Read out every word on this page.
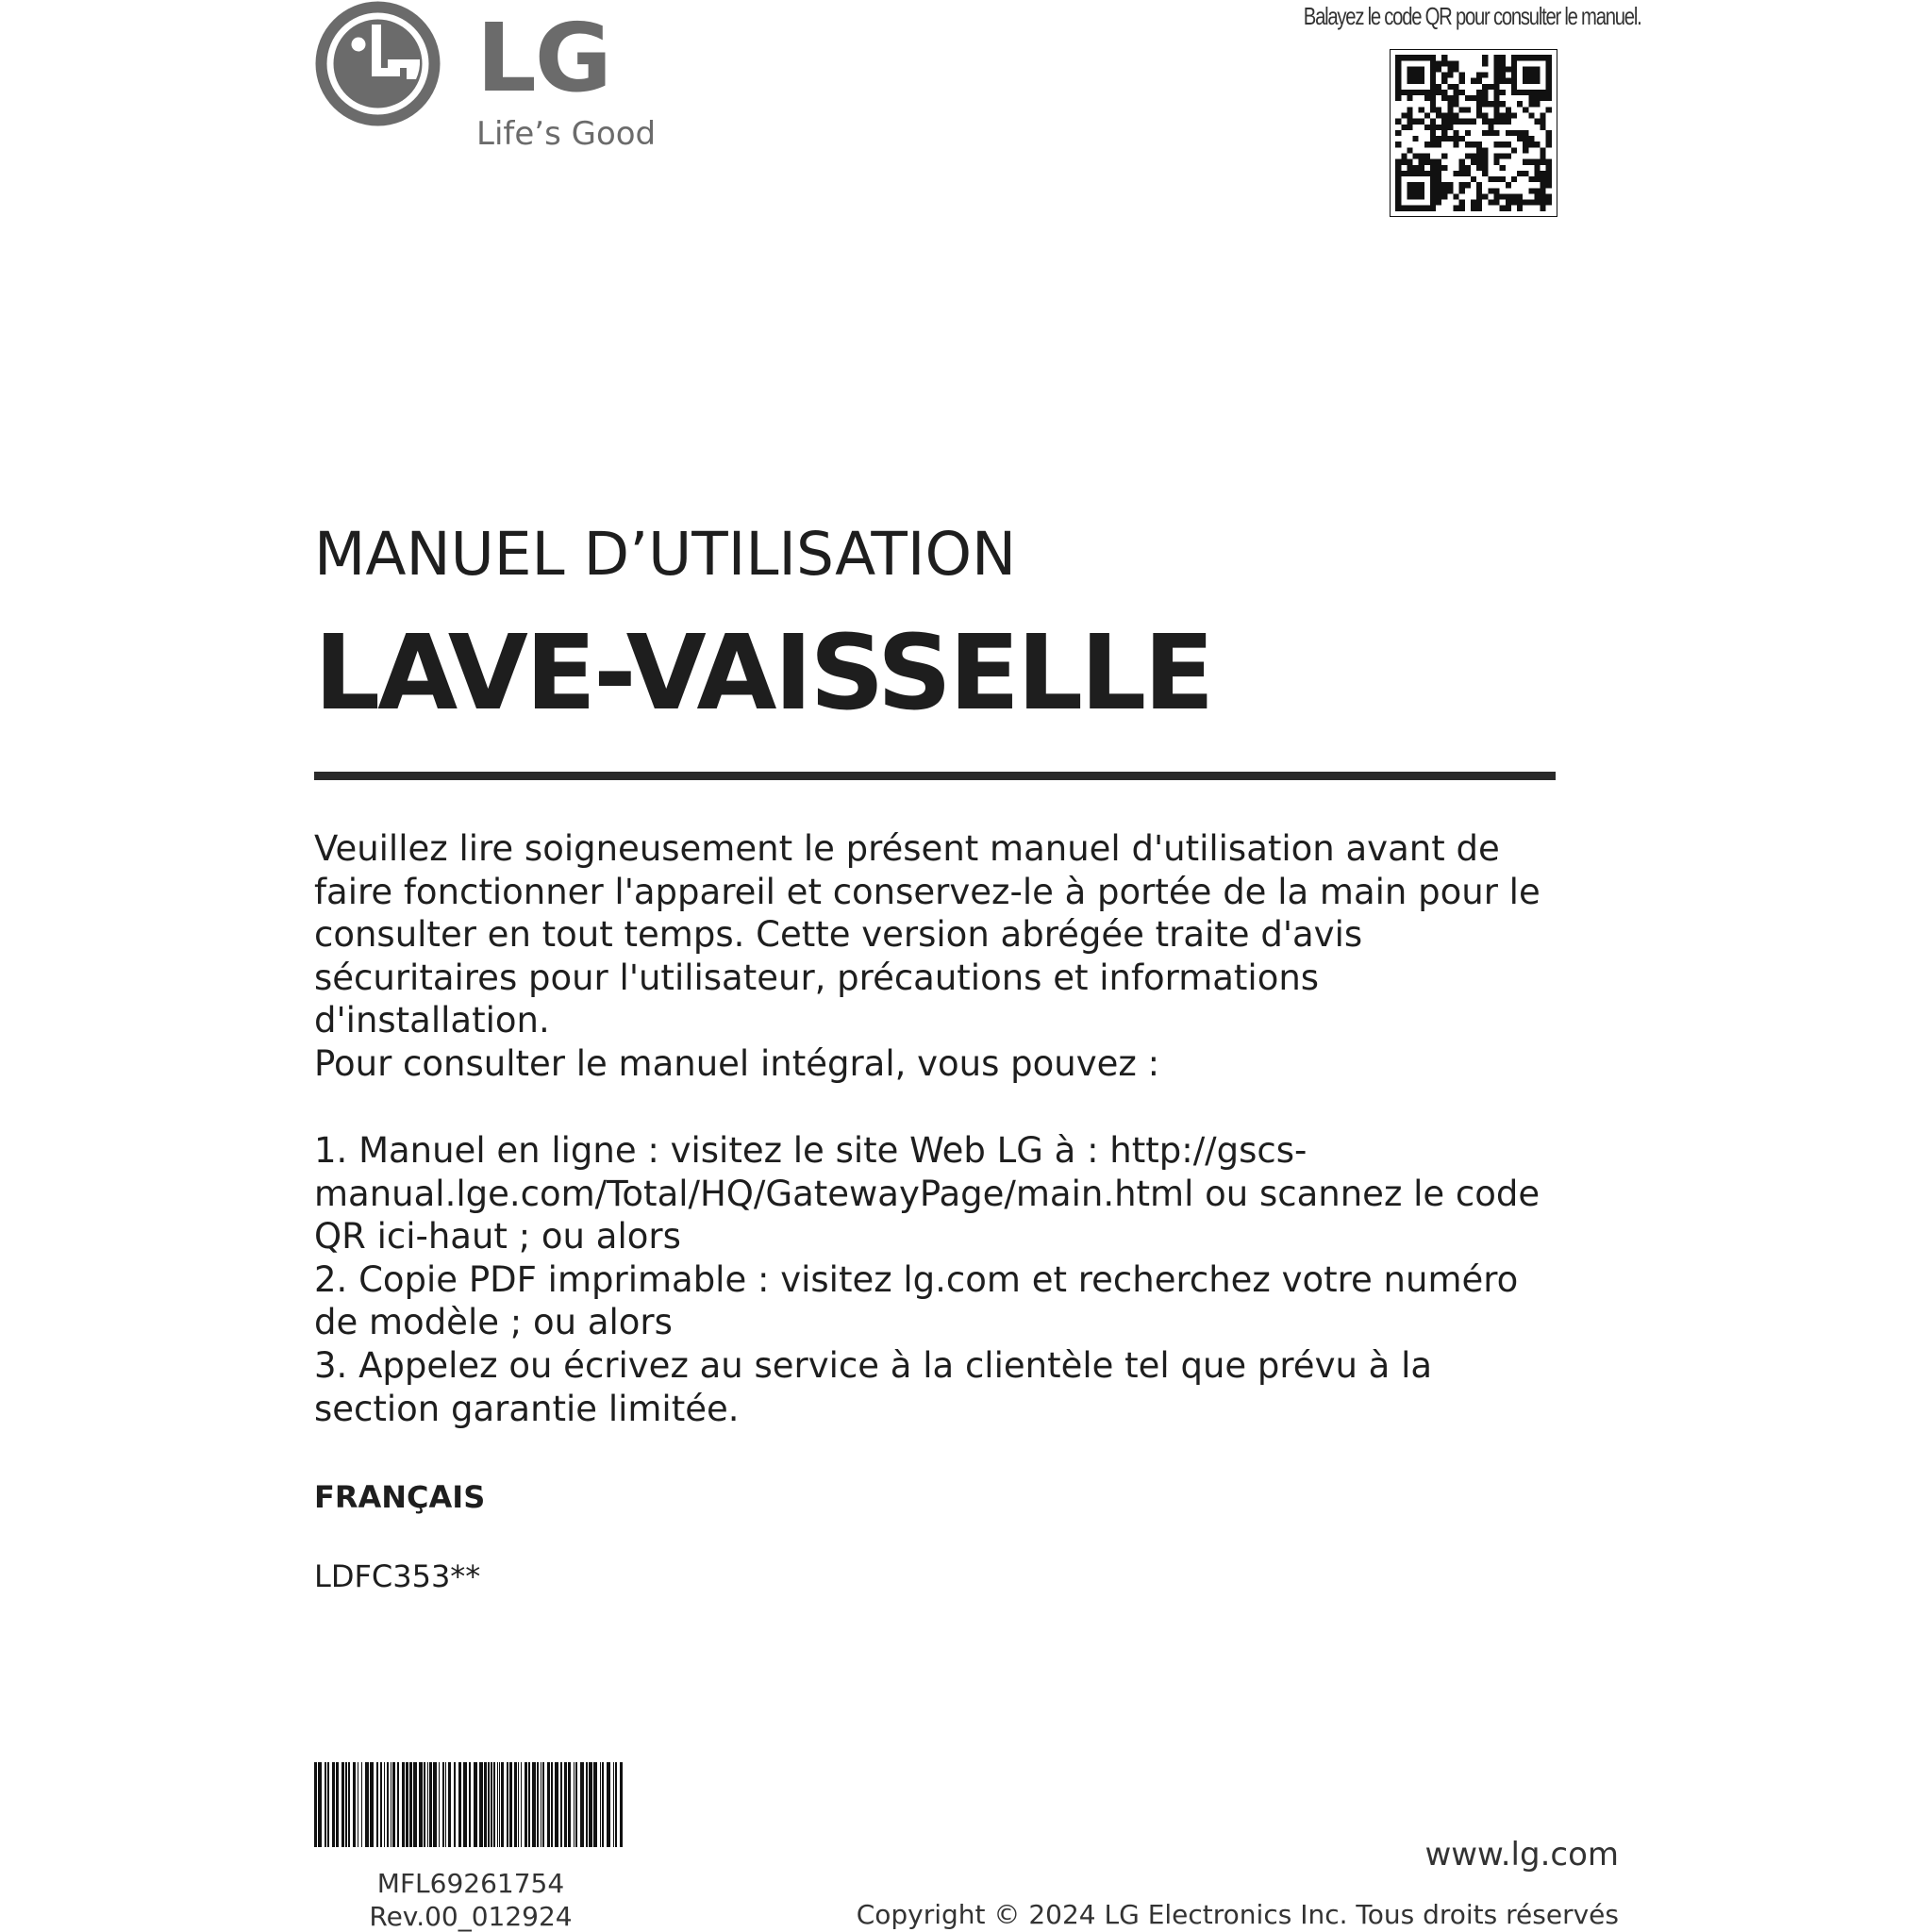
LG
Life’s Good
Balayez le code QR pour consulter le manuel.
MANUEL D’UTILISATION
LAVE-VAISSELLE
Veuillez lire soigneusement le présent manuel d'utilisation avant de faire fonctionner l'appareil et conservez-le à portée de la main pour le consulter en tout temps. Cette version abrégée traite d'avis sécuritaires pour l'utilisateur, précautions et informations d'installation.
Pour consulter le manuel intégral, vous pouvez :
1. Manuel en ligne : visitez le site Web LG à : http://gscs-manual.lge.com/Total/HQ/GatewayPage/main.html ou scannez le code QR ici-haut ; ou alors
2. Copie PDF imprimable : visitez lg.com et recherchez votre numéro de modèle ; ou alors
3. Appelez ou écrivez au service à la clientèle tel que prévu à la section garantie limitée.
FRANÇAIS
LDFC353**
MFL69261754
Rev.00_012924
www.lg.com
Copyright © 2024 LG Electronics Inc. Tous droits réservés
